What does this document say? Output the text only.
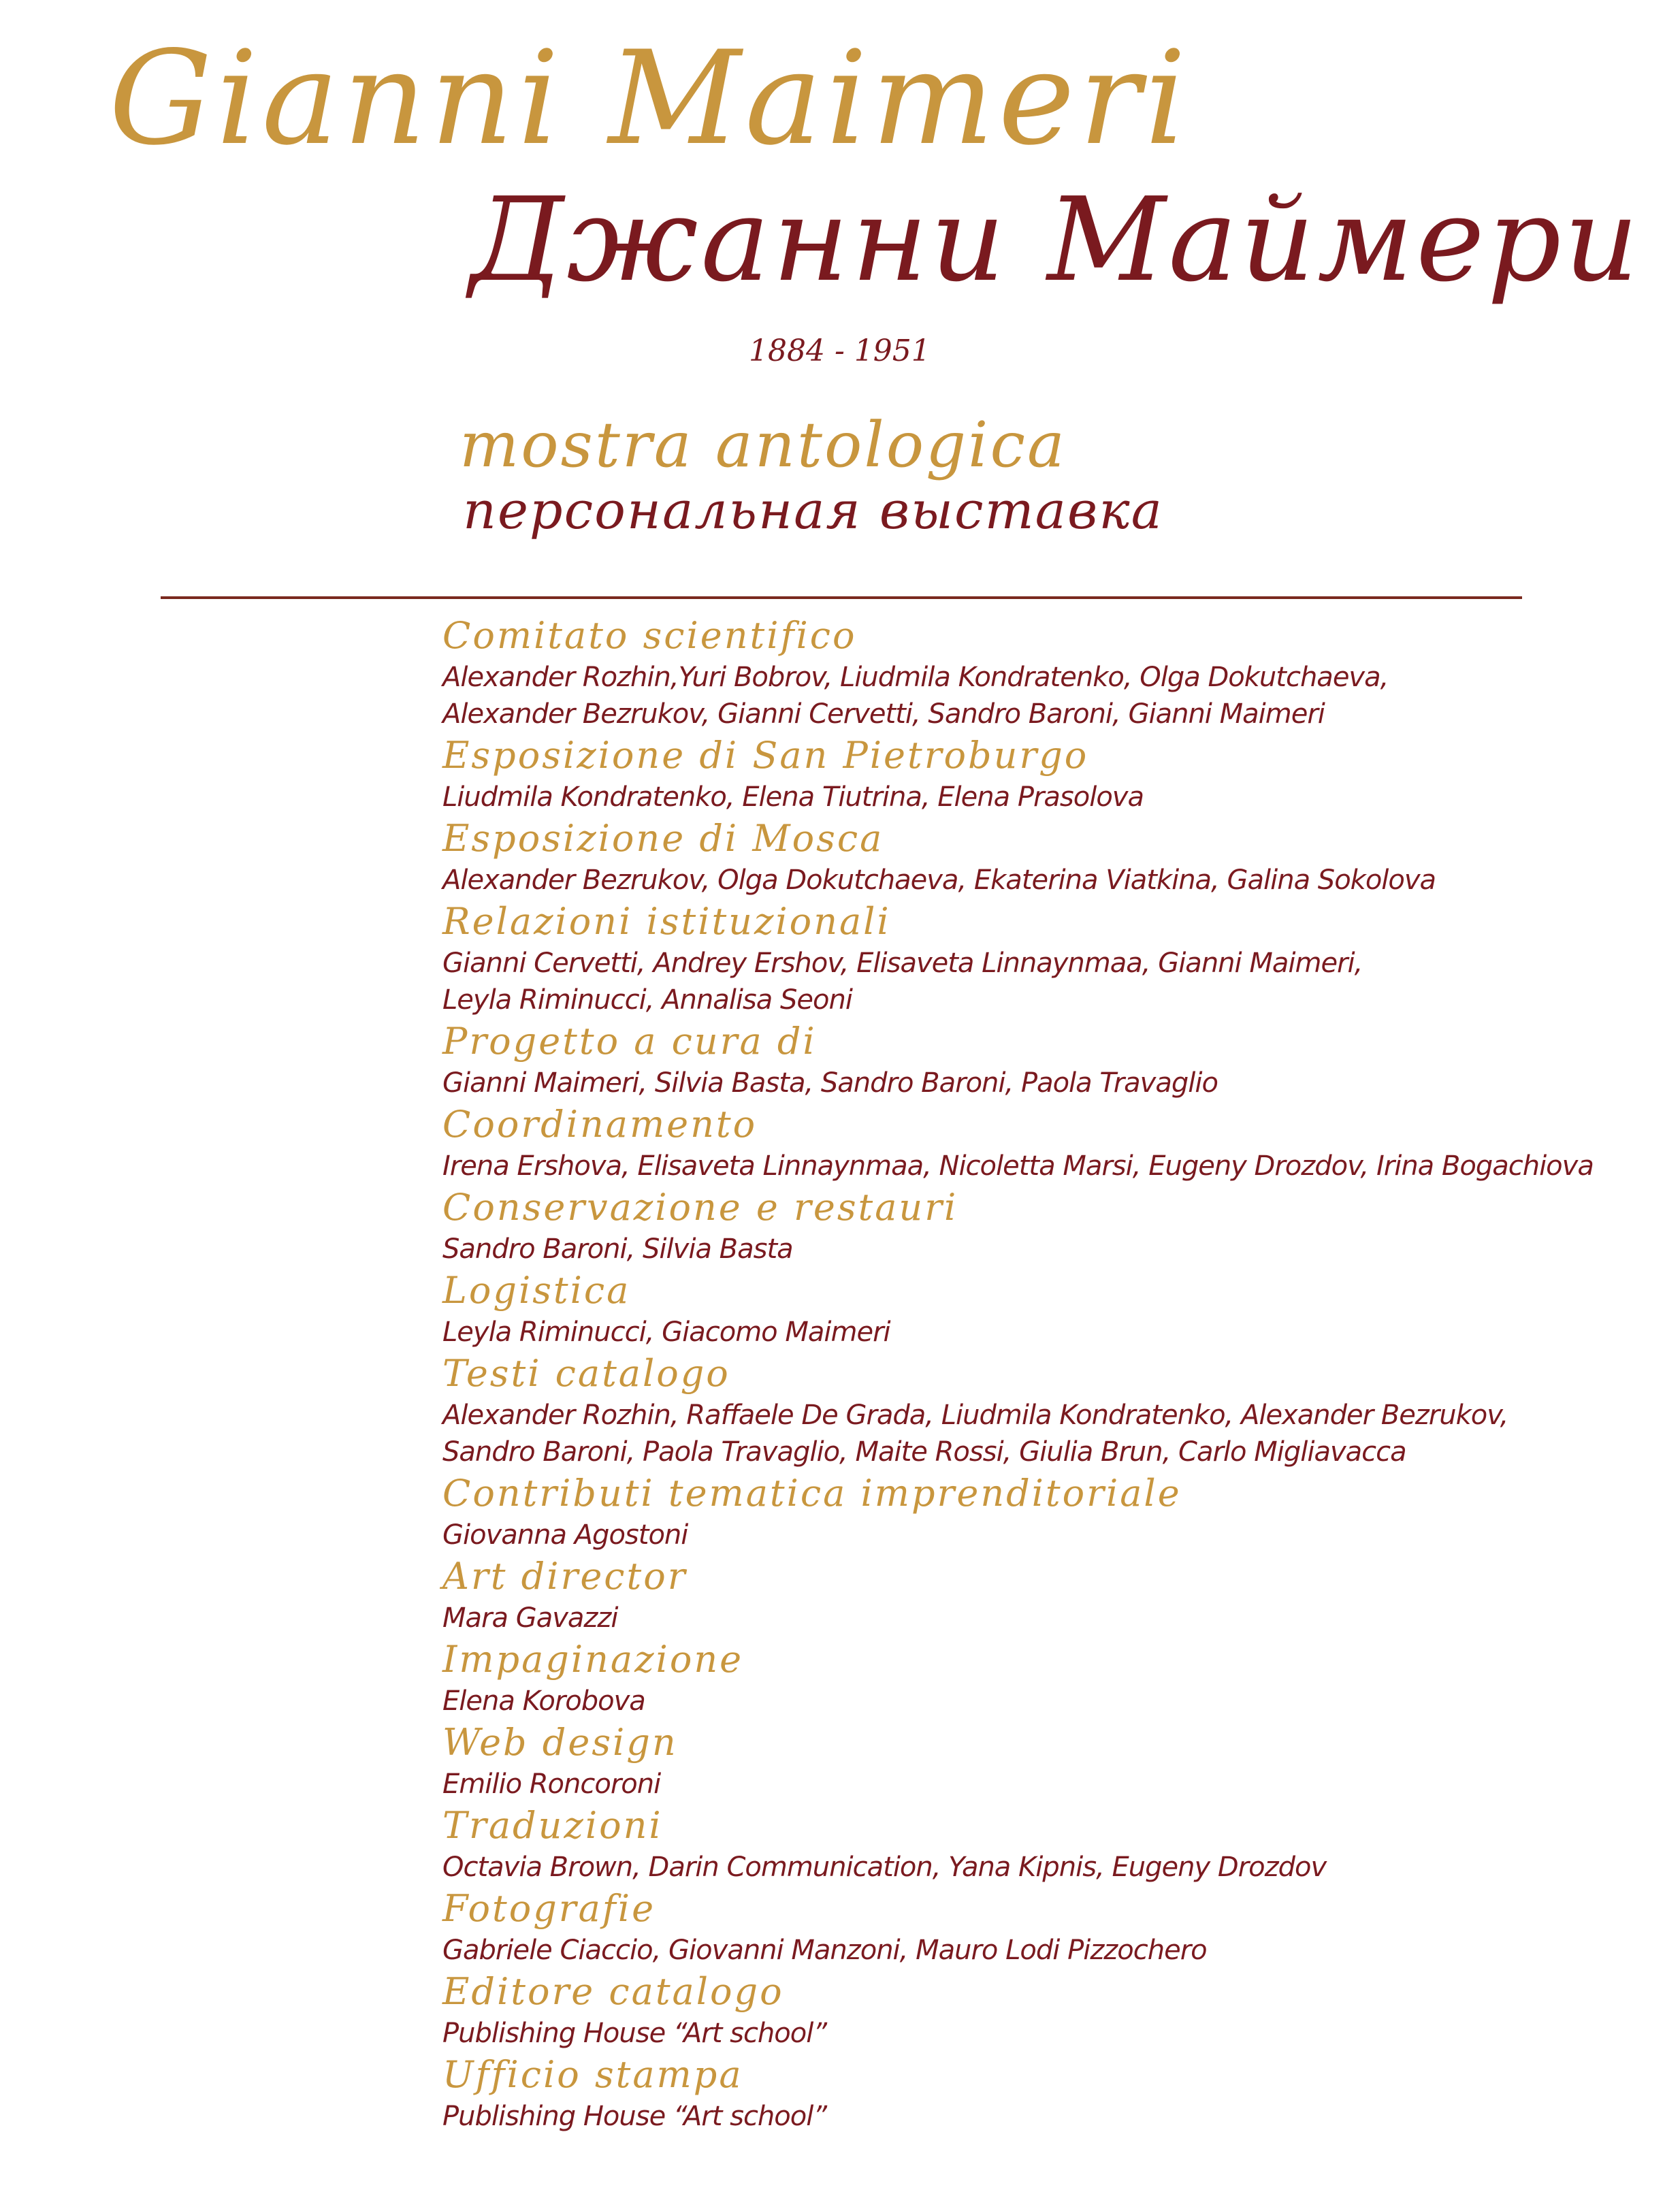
Gianni Maimeri
Джанни Маймери
1884 - 1951
mostra antologica
персональная выставка
Comitato scientifico
Alexander Rozhin,Yuri Bobrov, Liudmila Kondratenko, Olga Dokutchaeva,
Alexander Bezrukov, Gianni Cervetti, Sandro Baroni, Gianni Maimeri
Esposizione di San Pietroburgo
Liudmila Kondratenko, Elena Tiutrina, Elena Prasolova
Esposizione di Mosca
Alexander Bezrukov, Olga Dokutchaeva, Ekaterina Viatkina, Galina Sokolova
Relazioni istituzionali
Gianni Cervetti, Andrey Ershov, Elisaveta Linnaynmaa, Gianni Maimeri,
Leyla Riminucci, Annalisa Seoni
Progetto a cura di
Gianni Maimeri, Silvia Basta, Sandro Baroni, Paola Travaglio
Coordinamento
Irena Ershova, Elisaveta Linnaynmaa, Nicoletta Marsi, Eugeny Drozdov, Irina Bogachiova
Conservazione e restauri
Sandro Baroni, Silvia Basta
Logistica
Leyla Riminucci, Giacomo Maimeri
Testi catalogo
Alexander Rozhin, Raffaele De Grada, Liudmila Kondratenko, Alexander Bezrukov,
Sandro Baroni, Paola Travaglio, Maite Rossi, Giulia Brun, Carlo Migliavacca
Contributi tematica imprenditoriale
Giovanna Agostoni
Art director
Mara Gavazzi
Impaginazione
Elena Korobova
Web design
Emilio Roncoroni
Traduzioni
Octavia Brown, Darin Communication, Yana Kipnis, Eugeny Drozdov
Fotografie
Gabriele Ciaccio, Giovanni Manzoni, Mauro Lodi Pizzochero
Editore catalogo
Publishing House “Art school”
Ufficio stampa
Publishing House “Art school”
